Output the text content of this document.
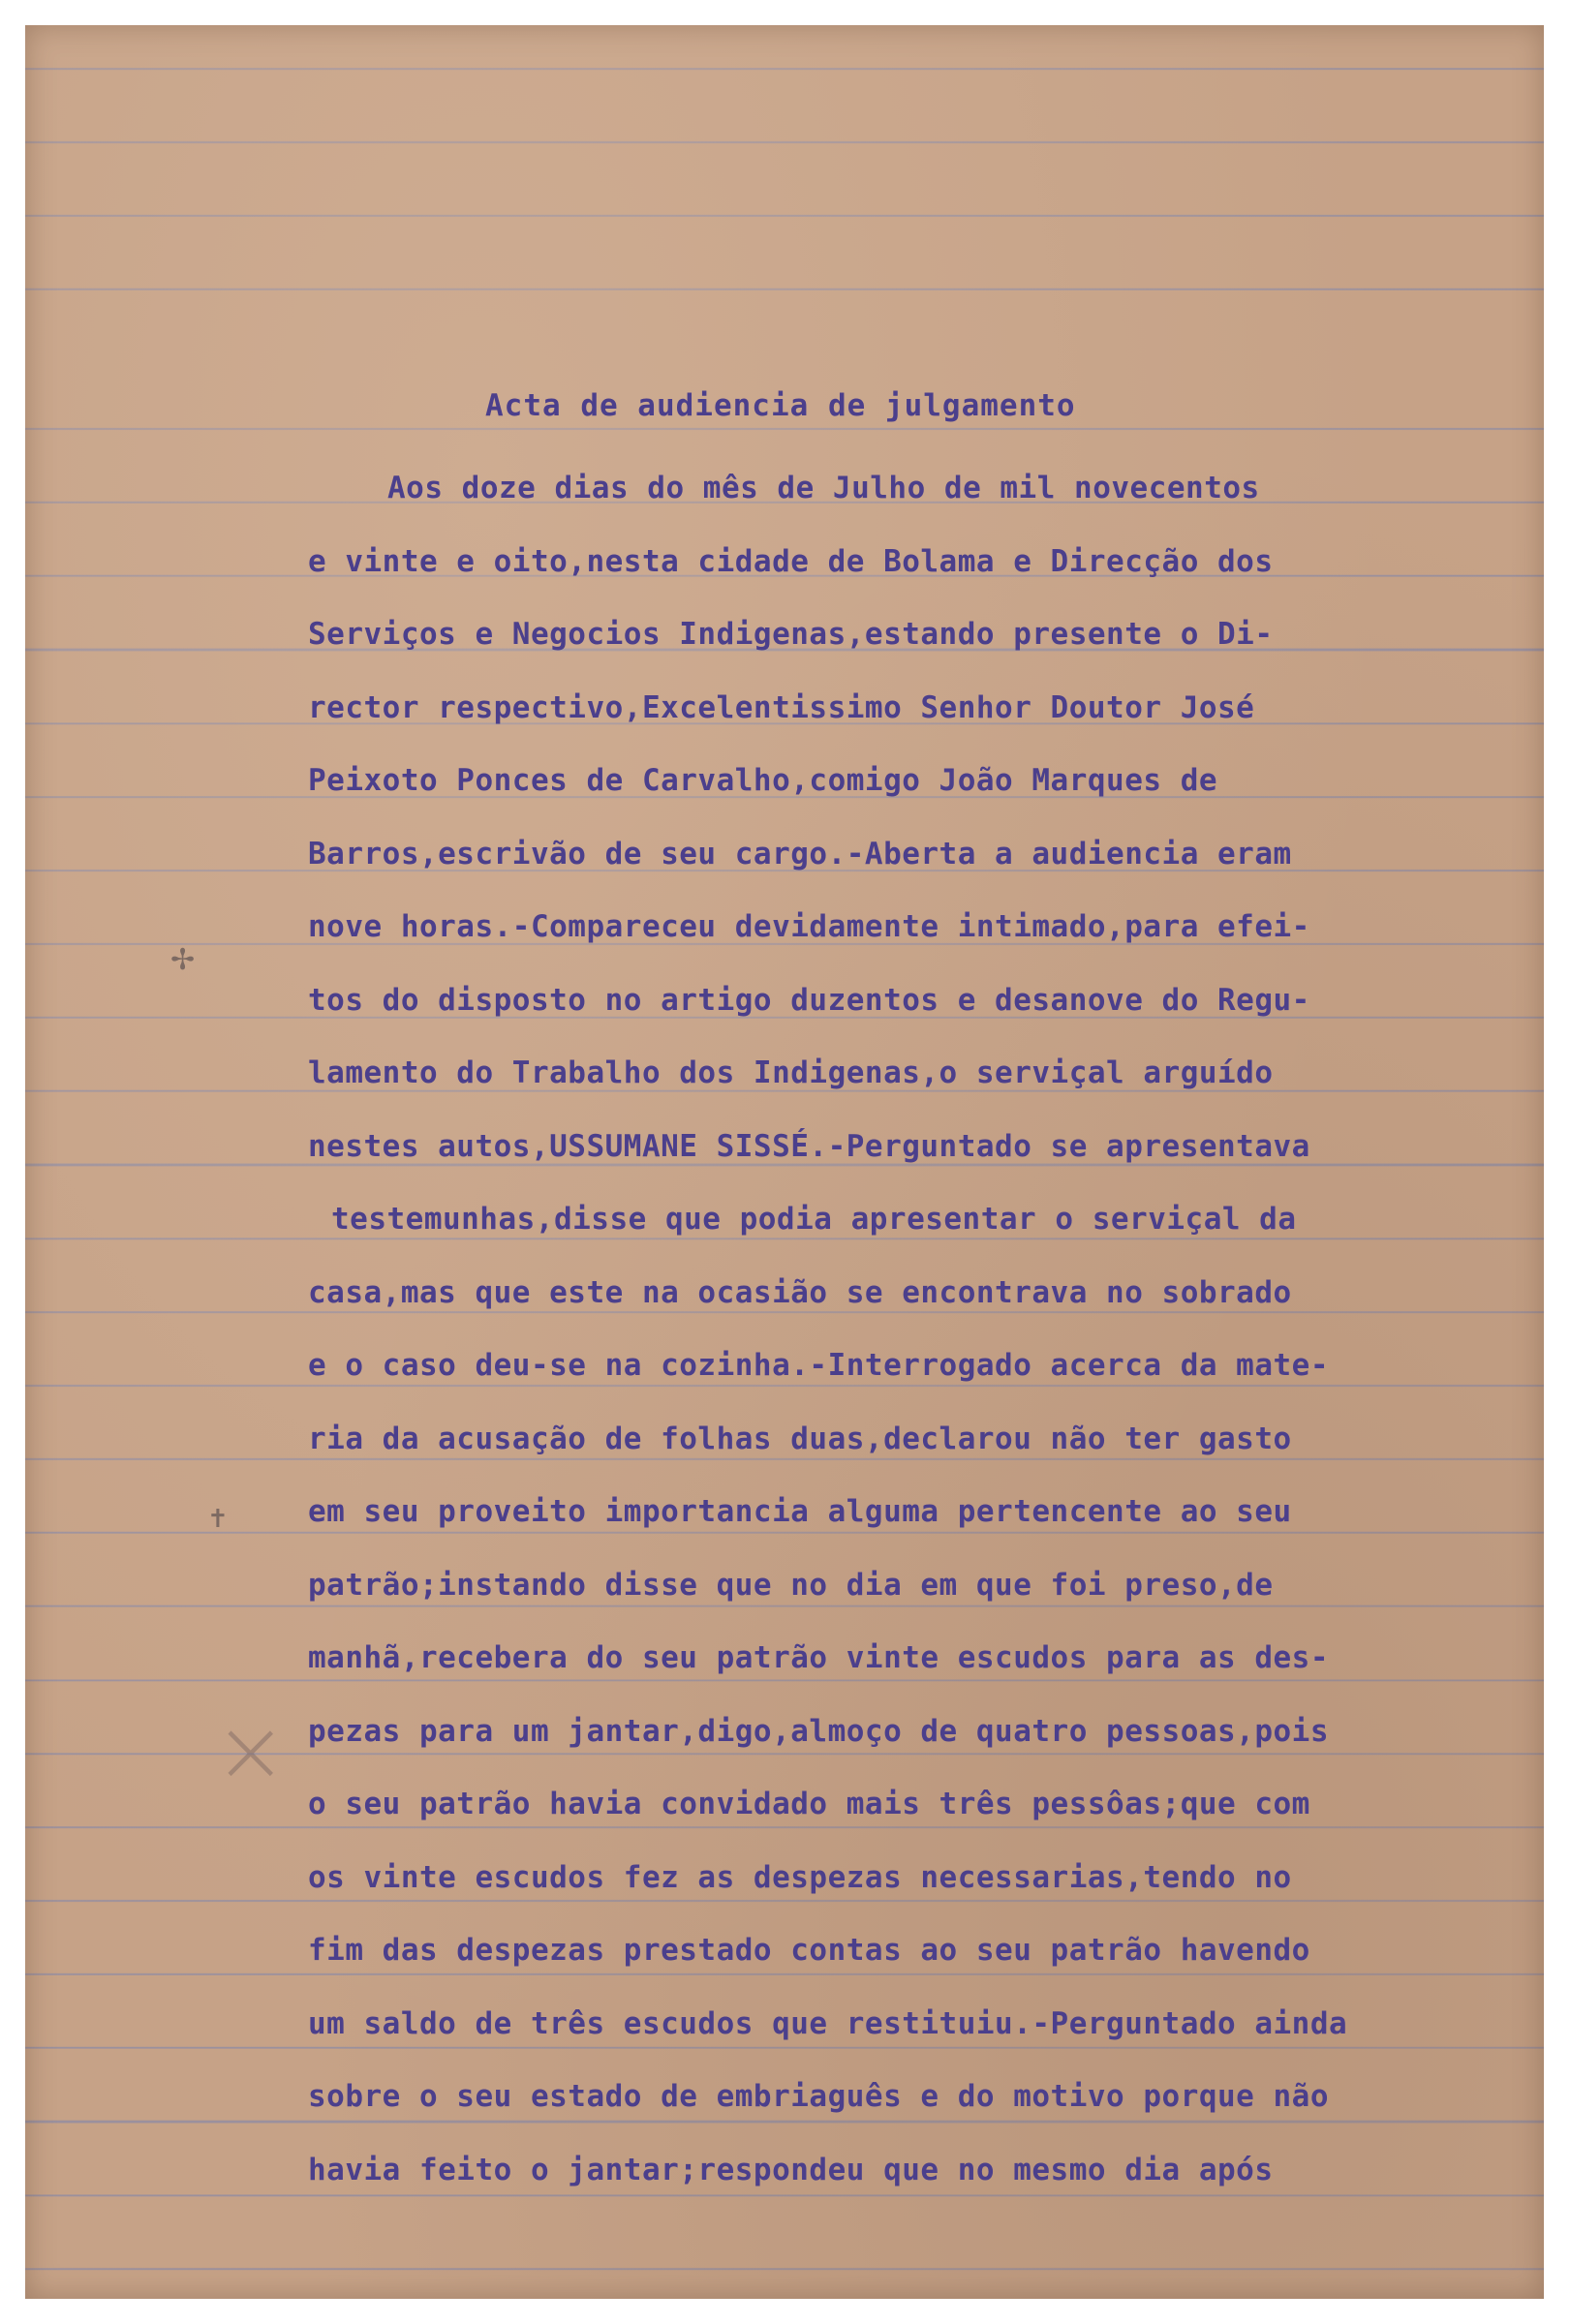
Acta de audiencia de julgamento
Aos doze dias do mês de Julho de mil novecentos
e vinte e oito,nesta cidade de Bolama e Direcção dos
Serviços e Negocios Indigenas,estando presente o Di-
rector respectivo,Excelentissimo Senhor Doutor José
Peixoto Ponces de Carvalho,comigo João Marques de
Barros,escrivão de seu cargo.-Aberta a audiencia eram
nove horas.-Compareceu devidamente intimado,para efei-
tos do disposto no artigo duzentos e desanove do Regu-
lamento do Trabalho dos Indigenas,o serviçal arguído
nestes autos,USSUMANE SISSÉ.-Perguntado se apresentava
testemunhas,disse que podia apresentar o serviçal da
casa,mas que este na ocasião se encontrava no sobrado
e o caso deu-se na cozinha.-Interrogado acerca da mate-
ria da acusação de folhas duas,declarou não ter gasto
em seu proveito importancia alguma pertencente ao seu
patrão;instando disse que no dia em que foi preso,de
manhã,recebera do seu patrão vinte escudos para as des-
pezas para um jantar,digo,almoço de quatro pessoas,pois
o seu patrão havia convidado mais três pessôas;que com
os vinte escudos fez as despezas necessarias,tendo no
fim das despezas prestado contas ao seu patrão havendo
um saldo de três escudos que restituiu.-Perguntado ainda
sobre o seu estado de embriaguês e do motivo porque não
havia feito o jantar;respondeu que no mesmo dia após
✢
✝
×
